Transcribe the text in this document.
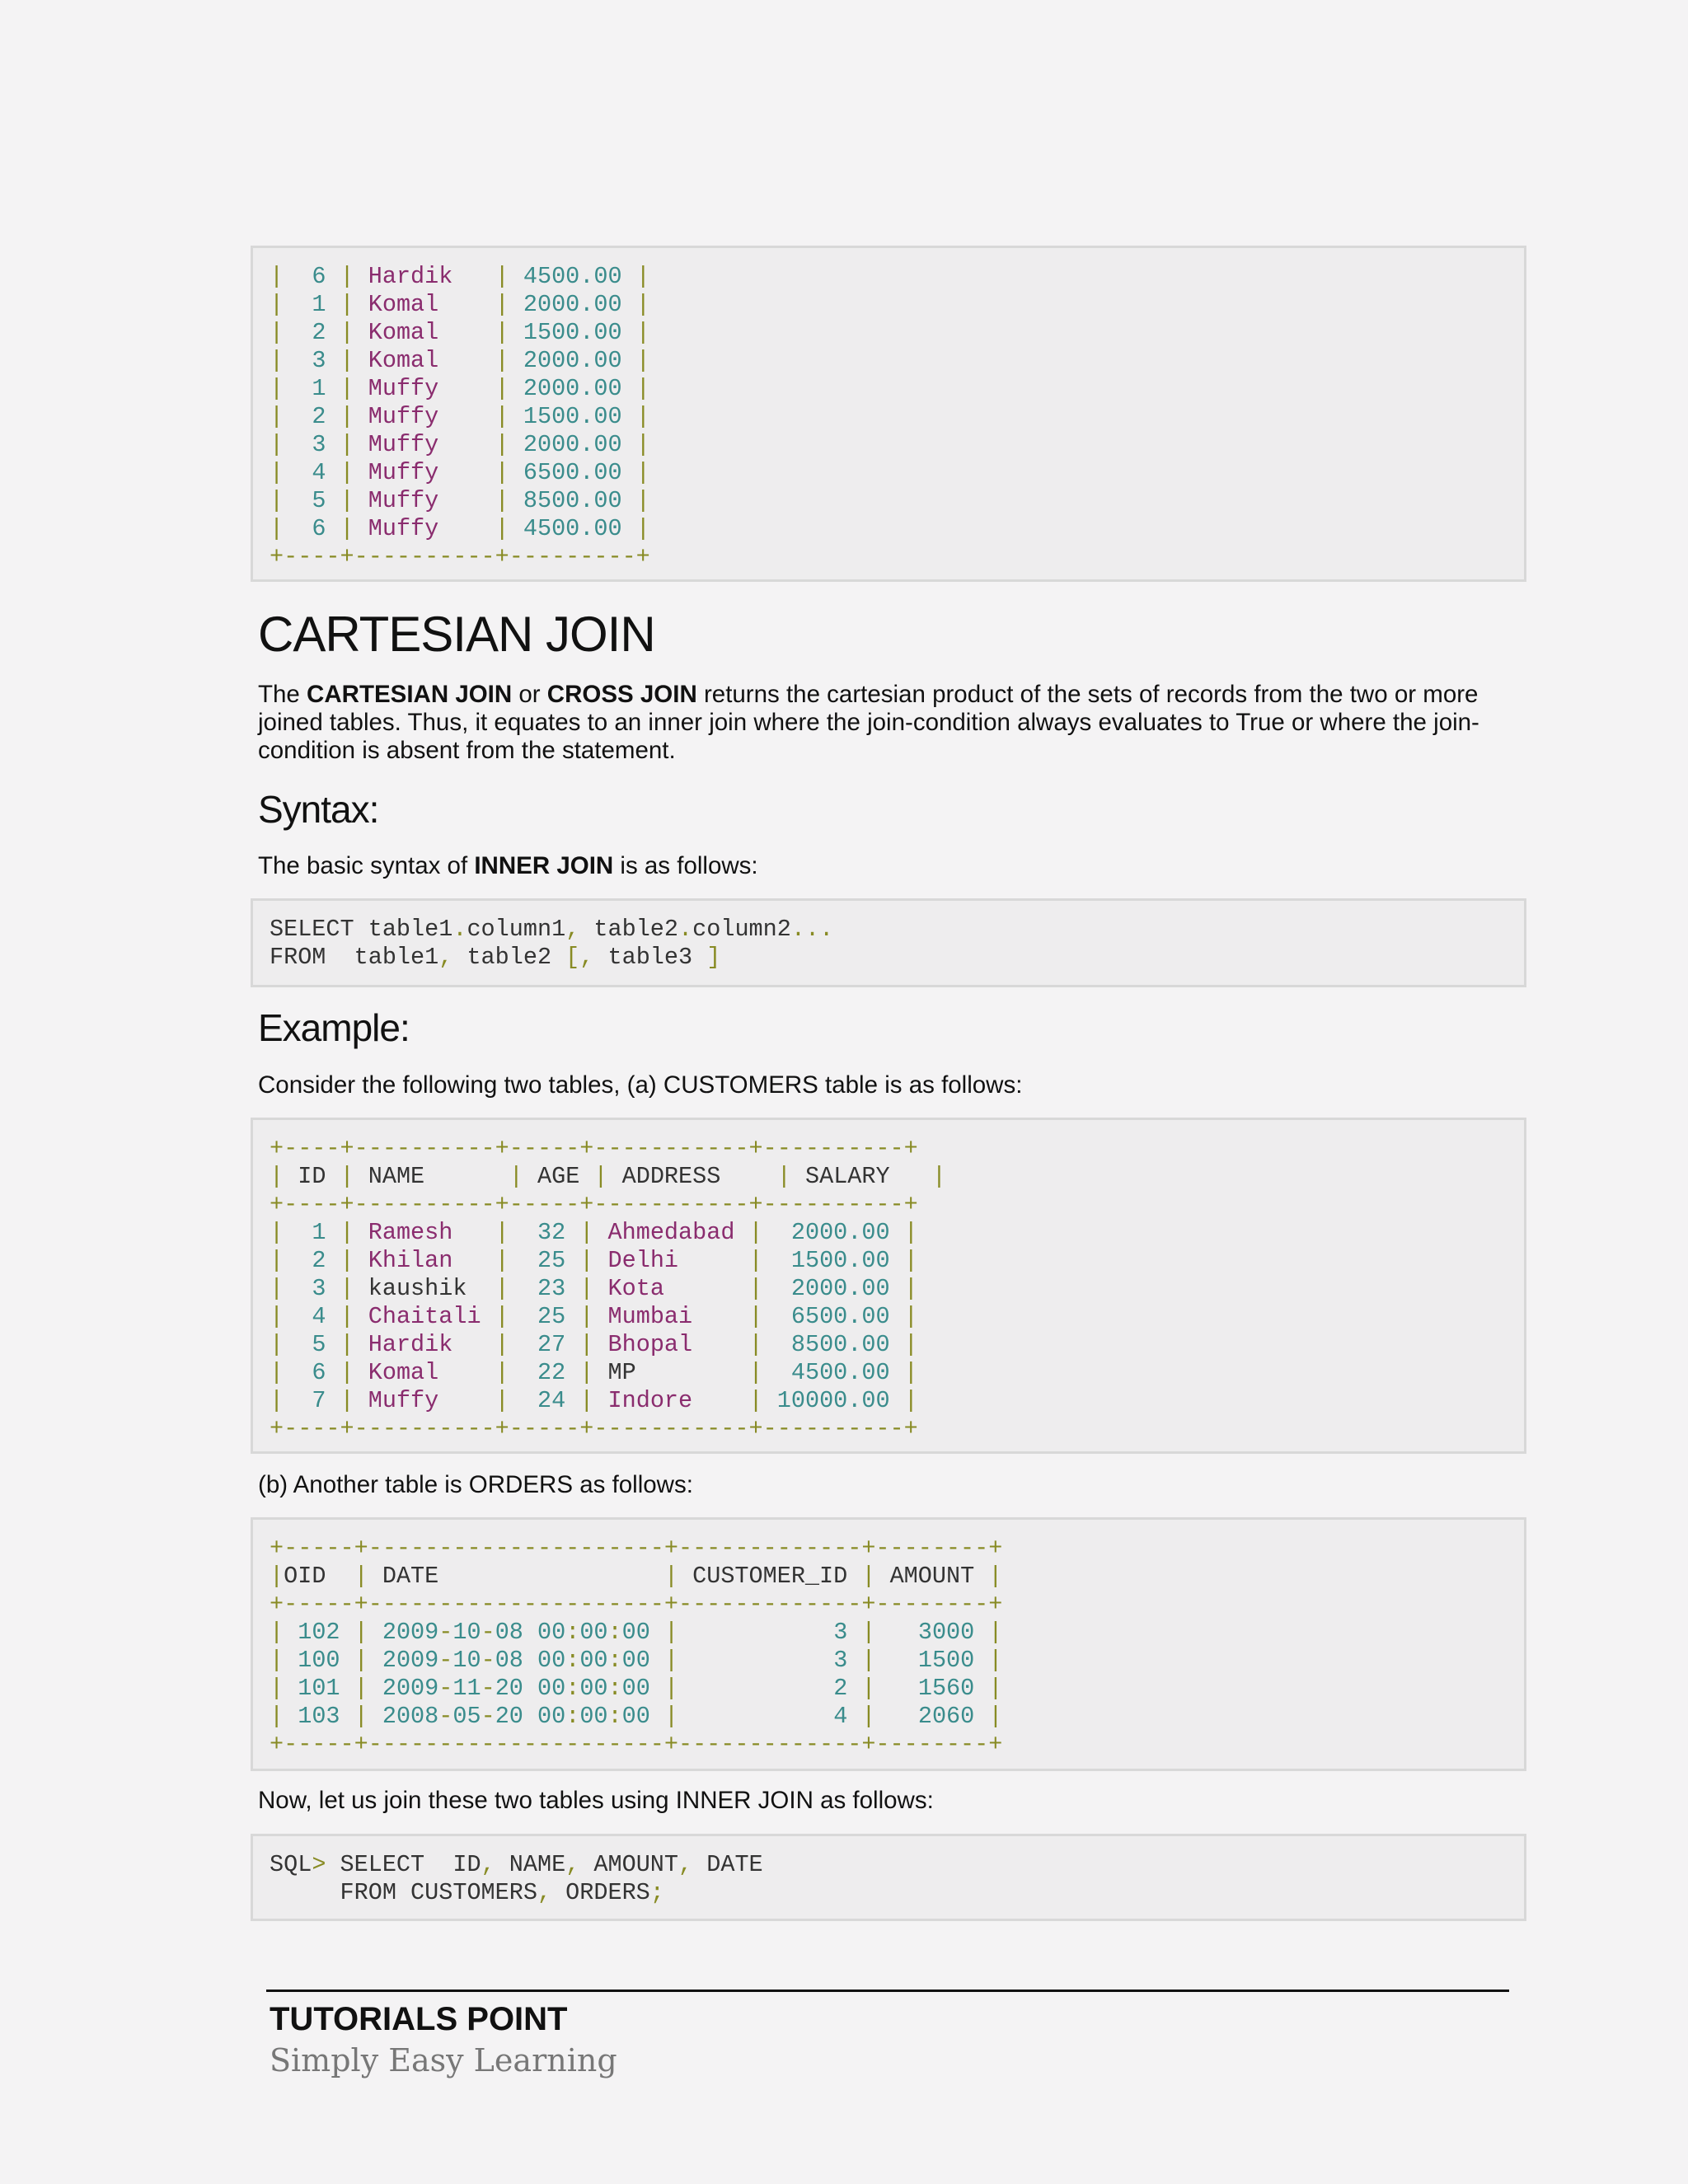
|  6 | Hardik   | 4500.00 |
|  1 | Komal    | 2000.00 |
|  2 | Komal    | 1500.00 |
|  3 | Komal    | 2000.00 |
|  1 | Muffy    | 2000.00 |
|  2 | Muffy    | 1500.00 |
|  3 | Muffy    | 2000.00 |
|  4 | Muffy    | 6500.00 |
|  5 | Muffy    | 8500.00 |
|  6 | Muffy    | 4500.00 |
+----+----------+---------+
CARTESIAN JOIN

The CARTESIAN JOIN or CROSS JOIN returns the cartesian product of the sets of records from the two or more joined tables. Thus, it equates to an inner join where the join-condition always evaluates to True or where the join-condition is absent from the statement.

Syntax:

The basic syntax of INNER JOIN is as follows:

SELECT table1.column1, table2.column2...
FROM  table1, table2 [, table3 ]
Example:

Consider the following two tables, (a) CUSTOMERS table is as follows:

+----+----------+-----+-----------+----------+
| ID | NAME      | AGE | ADDRESS    | SALARY   |
+----+----------+-----+-----------+----------+
|  1 | Ramesh   |  32 | Ahmedabad |  2000.00 |
|  2 | Khilan   |  25 | Delhi     |  1500.00 |
|  3 | kaushik  |  23 | Kota      |  2000.00 |
|  4 | Chaitali |  25 | Mumbai    |  6500.00 |
|  5 | Hardik   |  27 | Bhopal    |  8500.00 |
|  6 | Komal    |  22 | MP        |  4500.00 |
|  7 | Muffy    |  24 | Indore    | 10000.00 |
+----+----------+-----+-----------+----------+

(b) Another table is ORDERS as follows:

+-----+---------------------+-------------+--------+
|OID  | DATE                | CUSTOMER_ID | AMOUNT |
+-----+---------------------+-------------+--------+
| 102 | 2009-10-08 00:00:00 |           3 |   3000 |
| 100 | 2009-10-08 00:00:00 |           3 |   1500 |
| 101 | 2009-11-20 00:00:00 |           2 |   1560 |
| 103 | 2008-05-20 00:00:00 |           4 |   2060 |
+-----+---------------------+-------------+--------+

Now, let us join these two tables using INNER JOIN as follows:

SQL> SELECT  ID, NAME, AMOUNT, DATE
FROM CUSTOMERS, ORDERS;
TUTORIALS POINT
Simply Easy Learning
